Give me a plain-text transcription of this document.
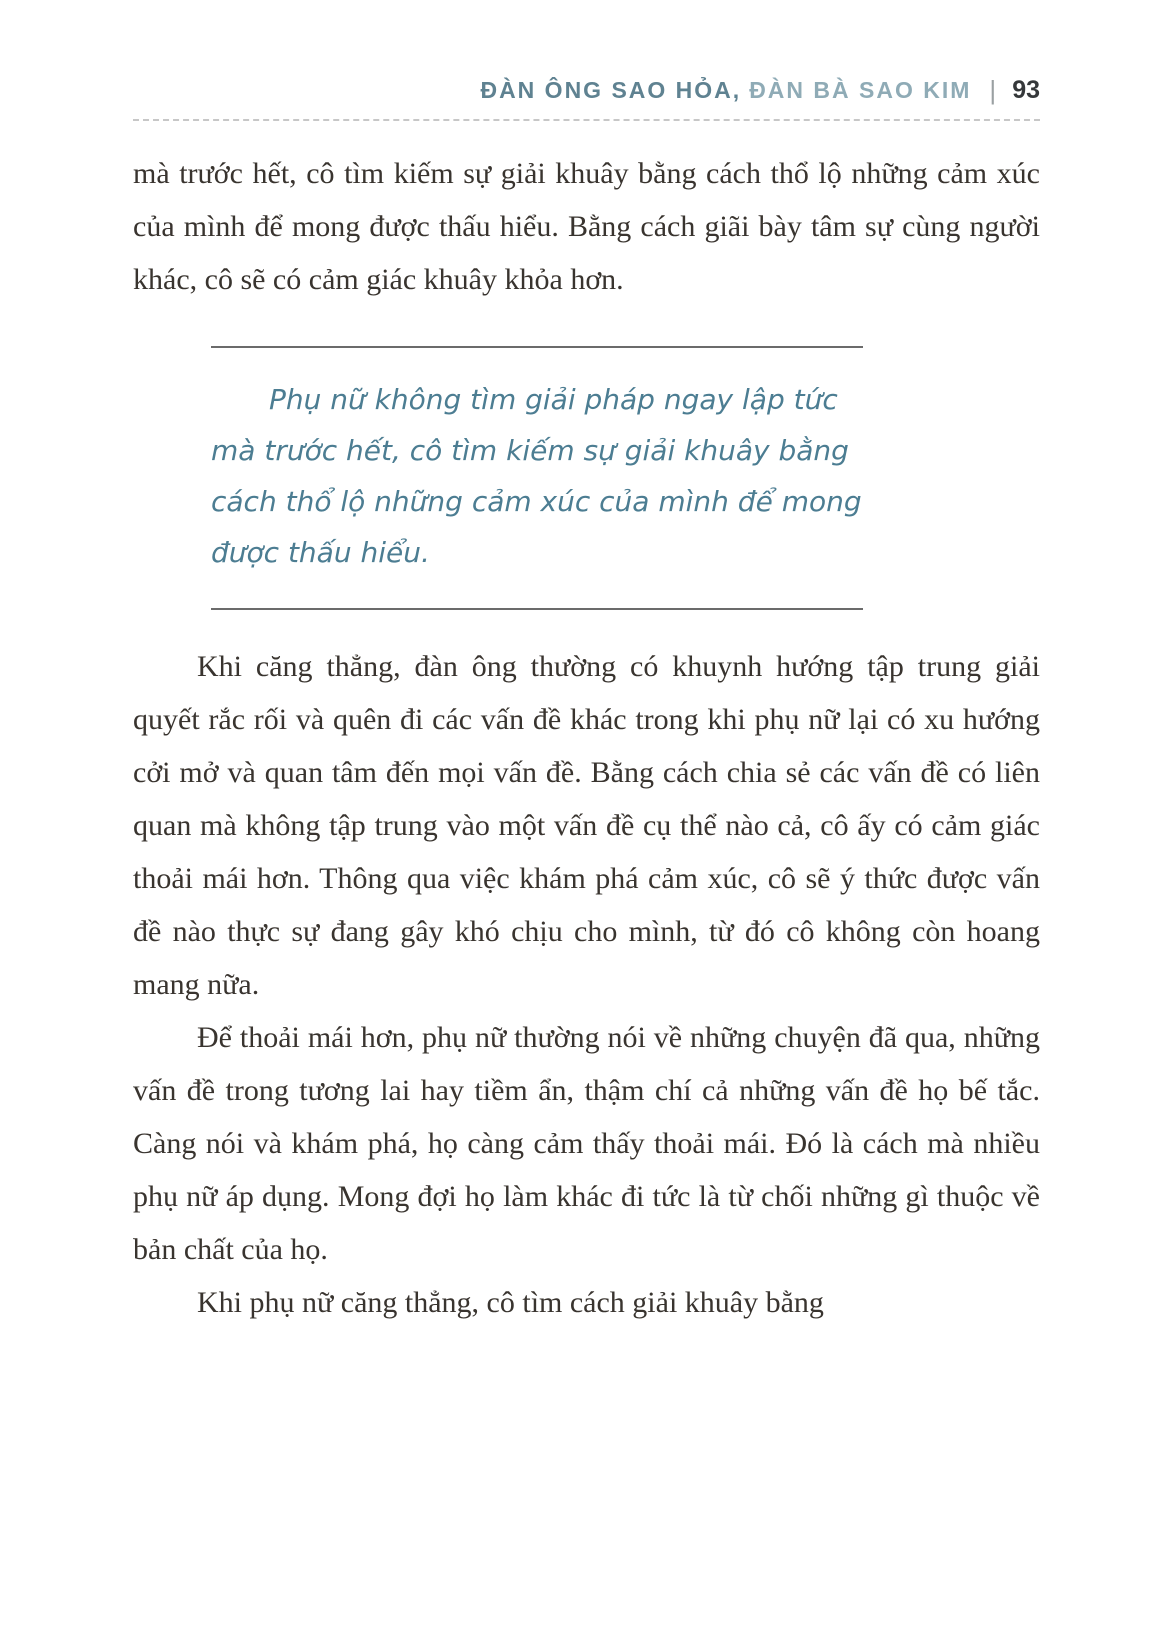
ĐÀN ÔNG SAO HỎA, ĐÀN BÀ SAO KIM | 93

mà trước hết, cô tìm kiếm sự giải khuây bằng cách thổ lộ những cảm xúc của mình để mong được thấu hiểu. Bằng cách giãi bày tâm sự cùng người khác, cô sẽ có cảm giác khuây khỏa hơn.

Phụ nữ không tìm giải pháp ngay lập tức mà trước hết, cô tìm kiếm sự giải khuây bằng cách thổ lộ những cảm xúc của mình để mong được thấu hiểu.

Khi căng thẳng, đàn ông thường có khuynh hướng tập trung giải quyết rắc rối và quên đi các vấn đề khác trong khi phụ nữ lại có xu hướng cởi mở và quan tâm đến mọi vấn đề. Bằng cách chia sẻ các vấn đề có liên quan mà không tập trung vào một vấn đề cụ thể nào cả, cô ấy có cảm giác thoải mái hơn. Thông qua việc khám phá cảm xúc, cô sẽ ý thức được vấn đề nào thực sự đang gây khó chịu cho mình, từ đó cô không còn hoang mang nữa.

Để thoải mái hơn, phụ nữ thường nói về những chuyện đã qua, những vấn đề trong tương lai hay tiềm ẩn, thậm chí cả những vấn đề họ bế tắc. Càng nói và khám phá, họ càng cảm thấy thoải mái. Đó là cách mà nhiều phụ nữ áp dụng. Mong đợi họ làm khác đi tức là từ chối những gì thuộc về bản chất của họ.

Khi phụ nữ căng thẳng, cô tìm cách giải khuây bằng
